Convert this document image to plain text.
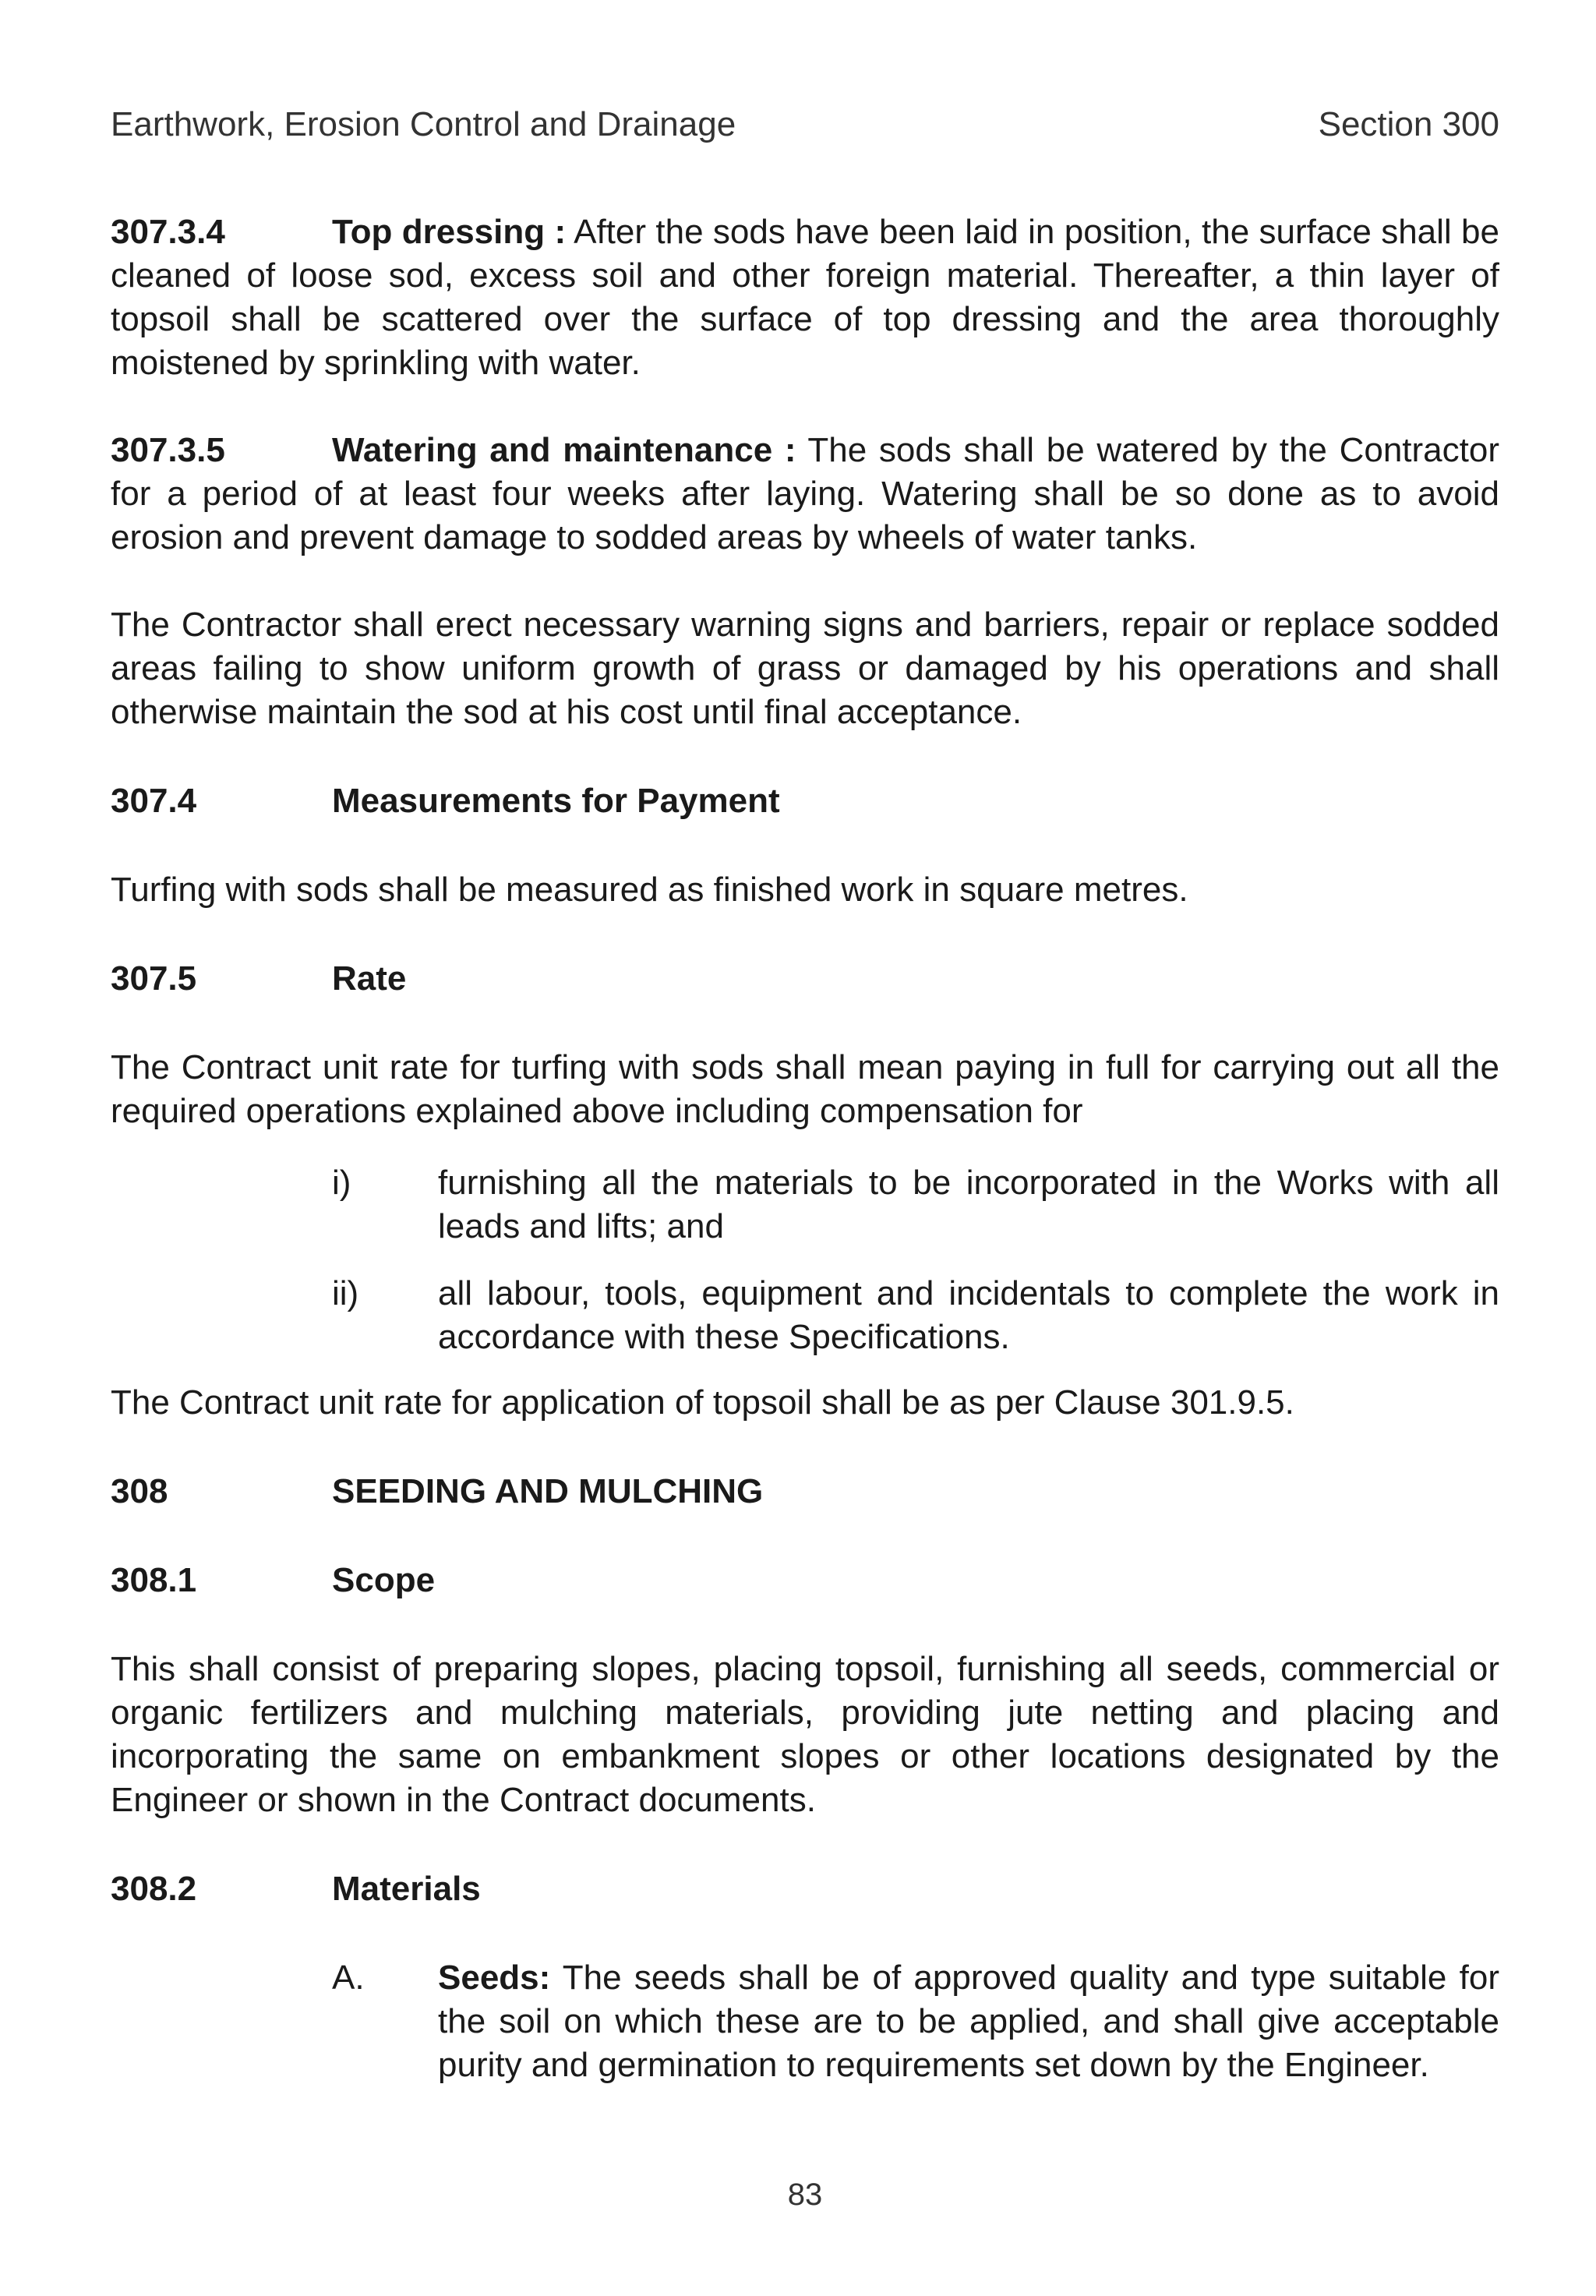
Earthwork, Erosion Control and Drainage	Section 300

307.3.4	Top dressing : After the sods have been laid in position, the surface shall be cleaned of loose sod, excess soil and other foreign material. Thereafter, a thin layer of topsoil shall be scattered over the surface of top dressing and the area thoroughly moistened by sprinkling with water.

307.3.5	Watering and maintenance : The sods shall be watered by the Contractor for a period of at least four weeks after laying. Watering shall be so done as to avoid erosion and prevent damage to sodded areas by wheels of water tanks.

The Contractor shall erect necessary warning signs and barriers, repair or replace sodded areas failing to show uniform growth of grass or damaged by his operations and shall otherwise maintain the sod at his cost until final acceptance.

307.4	Measurements for Payment

Turfing with sods shall be measured as finished work in square metres.

307.5	Rate

The Contract unit rate for turfing with sods shall mean paying in full for carrying out all the required operations explained above including compensation for

i)	furnishing all the materials to be incorporated in the Works with all leads and lifts; and
ii)	all labour, tools, equipment and incidentals to complete the work in accordance with these Specifications.

The Contract unit rate for application of topsoil shall be as per Clause 301.9.5.

308	SEEDING AND MULCHING
308.1	Scope

This shall consist of preparing slopes, placing topsoil, furnishing all seeds, commercial or organic fertilizers and mulching materials, providing jute netting and placing and incorporating the same on embankment slopes or other locations designated by the Engineer or shown in the Contract documents.

308.2	Materials
A.	Seeds: The seeds shall be of approved quality and type suitable for the soil on which these are to be applied, and shall give acceptable purity and germination to requirements set down by the Engineer.
83
